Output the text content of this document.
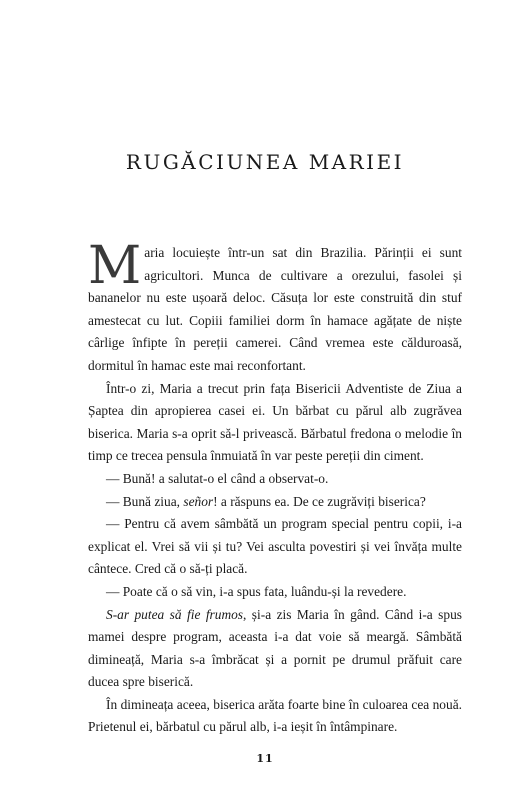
RUGĂCIUNEA MARIEI

Maria locuiește într-un sat din Brazilia. Părinții ei sunt agricultori. Munca de cultivare a orezului, fasolei și bananelor nu este ușoară deloc. Căsuța lor este construită din stuf amestecat cu lut. Copiii familiei dorm în hamace agățate de niște cârlige înfipte în pereții camerei. Când vremea este călduroasă, dormitul în hamac este mai reconfortant.

Într-o zi, Maria a trecut prin fața Bisericii Adventiste de Ziua a Șaptea din apropierea casei ei. Un bărbat cu părul alb zugrăvea biserica. Maria s-a oprit să-l privească. Bărbatul fredona o melodie în timp ce trecea pensula înmuiată în var peste pereții din ciment.

— Bună! a salutat-o el când a observat-o.

— Bună ziua, señor! a răspuns ea. De ce zugrăviți biserica?

— Pentru că avem sâmbătă un program special pentru copii, i-a explicat el. Vrei să vii și tu? Vei asculta povestiri și vei învăța multe cântece. Cred că o să-ți placă.

— Poate că o să vin, i-a spus fata, luându-și la revedere.

S-ar putea să fie frumos, și-a zis Maria în gând. Când i-a spus mamei despre program, aceasta i-a dat voie să meargă. Sâmbătă dimineață, Maria s-a îmbrăcat și a pornit pe drumul prăfuit care ducea spre biserică.

În dimineața aceea, biserica arăta foarte bine în culoarea cea nouă. Prietenul ei, bărbatul cu părul alb, i-a ieșit în întâmpinare.

11
